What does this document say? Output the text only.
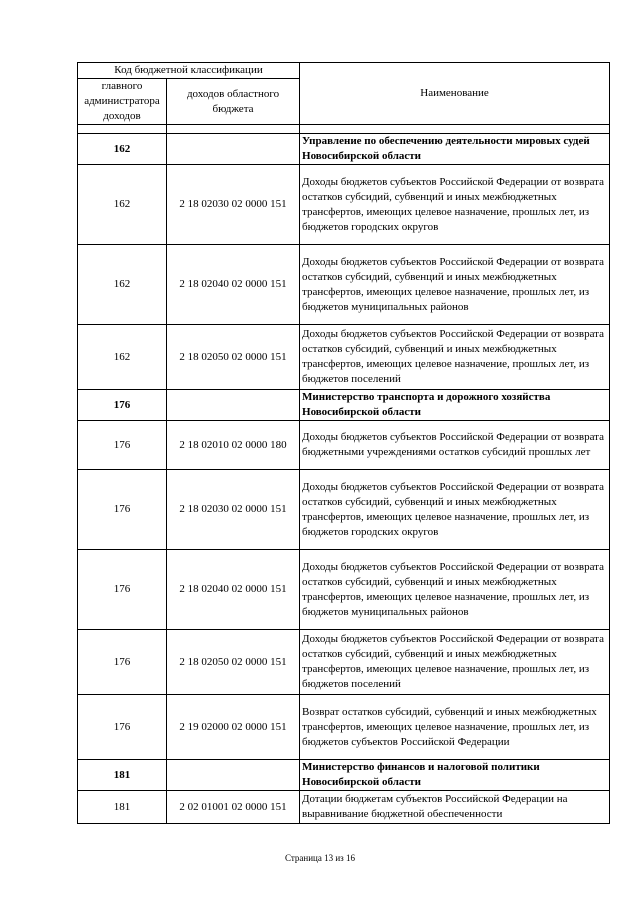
Код бюджетной классификации		Наименование
главного администратора доходов	доходов областного бюджета	

162		Управление по обеспечению деятельности мировых судей Новосибирской области
162	2 18 02030 02 0000 151	Доходы бюджетов субъектов Российской Федерации от возврата остатков субсидий, субвенций и иных межбюджетных трансфертов, имеющих целевое назначение, прошлых лет, из бюджетов городских округов
162	2 18 02040 02 0000 151	Доходы бюджетов субъектов Российской Федерации от возврата остатков субсидий, субвенций и иных межбюджетных трансфертов, имеющих целевое назначение, прошлых лет, из бюджетов муниципальных районов
162	2 18 02050 02 0000 151	Доходы бюджетов субъектов Российской Федерации от возврата остатков субсидий, субвенций и иных межбюджетных трансфертов, имеющих целевое назначение, прошлых лет, из бюджетов поселений
176		Министерство транспорта и дорожного хозяйства Новосибирской области
176	2 18 02010 02 0000 180	Доходы бюджетов субъектов Российской Федерации от возврата бюджетными учреждениями остатков субсидий прошлых лет
176	2 18 02030 02 0000 151	Доходы бюджетов субъектов Российской Федерации от возврата остатков субсидий, субвенций и иных межбюджетных трансфертов, имеющих целевое назначение, прошлых лет, из бюджетов городских округов
176	2 18 02040 02 0000 151	Доходы бюджетов субъектов Российской Федерации от возврата остатков субсидий, субвенций и иных межбюджетных трансфертов, имеющих целевое назначение, прошлых лет, из бюджетов муниципальных районов
176	2 18 02050 02 0000 151	Доходы бюджетов субъектов Российской Федерации от возврата остатков субсидий, субвенций и иных межбюджетных трансфертов, имеющих целевое назначение, прошлых лет, из бюджетов поселений
176	2 19 02000 02 0000 151	Возврат остатков субсидий, субвенций и иных межбюджетных трансфертов, имеющих целевое назначение, прошлых лет, из бюджетов субъектов Российской Федерации
181		Министерство финансов и налоговой политики Новосибирской области
181	2 02 01001 02 0000 151	Дотации бюджетам субъектов Российской Федерации на выравнивание бюджетной обеспеченности
Страница 13 из 16
